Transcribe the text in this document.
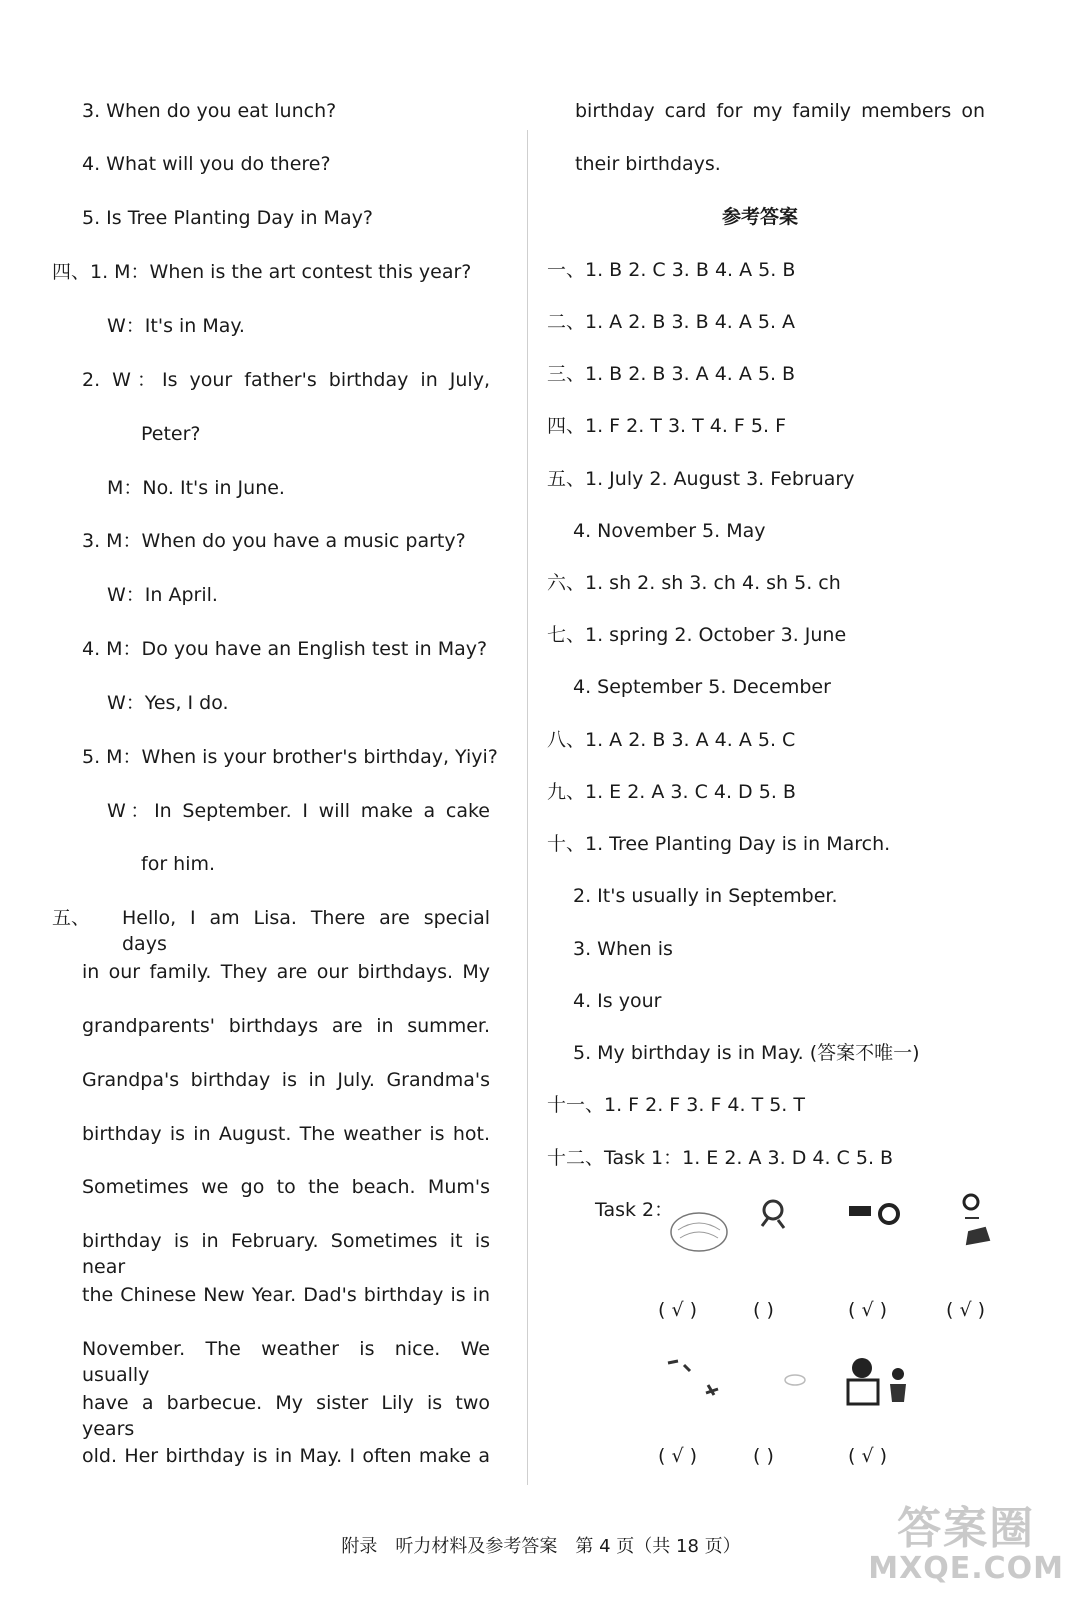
3. When do you eat lunch?
4. What will you do there?
5. Is Tree Planting Day in May?
四、1. M：When is the art contest this year?
W：It's in May.
2. W：Is your father's birthday in July,
Peter?
M：No. It's in June.
3. M：When do you have a music party?
W：In April.
4. M：Do you have an English test in May?
W：Yes, I do.
5. M：When is your brother's birthday, Yiyi?
W：In September. I will make a cake
for him.
五、 Hello, I am Lisa. There are special days
in our family. They are our birthdays. My
grandparents' birthdays are in summer.
Grandpa's birthday is in July. Grandma's
birthday is in August. The weather is hot.
Sometimes we go to the beach. Mum's
birthday is in February. Sometimes it is near
the Chinese New Year. Dad's birthday is in
November. The weather is nice. We usually
have a barbecue. My sister Lily is two years
old. Her birthday is in May. I often make a
birthday card for my family members on
their birthdays.
参考答案
一、1. B 2. C 3. B 4. A 5. B
二、1. A 2. B 3. B 4. A 5. A
三、1. B 2. B 3. A 4. A 5. B
四、1. F 2. T 3. T 4. F 5. F
五、1. July 2. August 3. February
4. November 5. May
六、1. sh 2. sh 3. ch 4. sh 5. ch
七、1. spring 2. October 3. June
4. September 5. December
八、1. A 2. B 3. A 4. A 5. C
九、1. E 2. A 3. C 4. D 5. B
十、1. Tree Planting Day is in March.
2. It's usually in September.
3. When is
4. Is your
5. My birthday is in May. (答案不唯一)
十一、1. F 2. F 3. F 4. T 5. T
十二、Task 1：1. E 2. A 3. D 4. C 5. B
Task 2：
( √ )	( )	( √ )	( √ )
( √ )	( )	( √ )
附录　听力材料及参考答案　第 4 页（共 18 页）	答案圈
MXQE.COM
